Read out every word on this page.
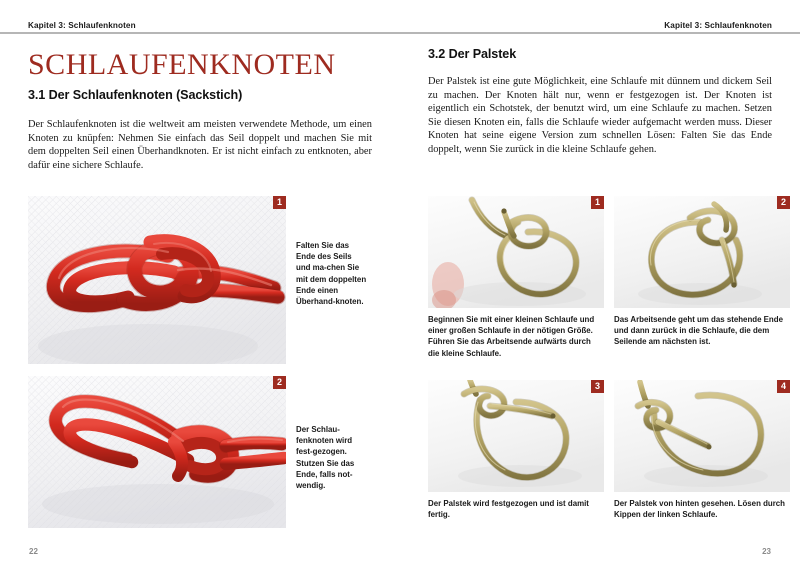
Kapitel 3: Schlaufenknoten
SCHLAUFENKNOTEN
3.1 Der Schlaufenknoten (Sackstich)
Der Schlaufenknoten ist die weltweit am meisten verwendete Methode, um einen Knoten zu knüpfen: Nehmen Sie einfach das Seil doppelt und machen Sie mit dem doppelten Seil einen Überhandknoten. Er ist nicht einfach zu entknoten, aber dafür eine sichere Schlaufe.
1
Falten Sie das Ende des Seils und ma-chen Sie mit dem doppelten Ende einen Überhand-knoten.
2
Der Schlau-fenknoten wird fest-gezogen. Stutzen Sie das Ende, falls not-wendig.
22
Kapitel 3: Schlaufenknoten
3.2 Der Palstek
Der Palstek ist eine gute Möglichkeit, eine Schlaufe mit dünnem und dickem Seil zu machen. Der Knoten hält nur, wenn er festgezogen ist. Der Knoten ist eigentlich ein Schotstek, der benutzt wird, um eine Schlaufe zu machen. Setzen Sie diesen Knoten ein, falls die Schlaufe wieder aufgemacht werden muss. Dieser Knoten hat seine eigene Version zum schnellen Lösen: Falten Sie das Ende doppelt, wenn Sie zurück in die kleine Schlaufe gehen.
1
Beginnen Sie mit einer kleinen Schlaufe und einer großen Schlaufe in der nötigen Größe. Führen Sie das Arbeitsende aufwärts durch die kleine Schlaufe.
2
Das Arbeitsende geht um das stehende Ende und dann zurück in die Schlaufe, die dem Seilende am nächsten ist.
3
Der Palstek wird festgezogen und ist damit fertig.
4
Der Palstek von hinten gesehen. Lösen durch Kippen der linken Schlaufe.
23
